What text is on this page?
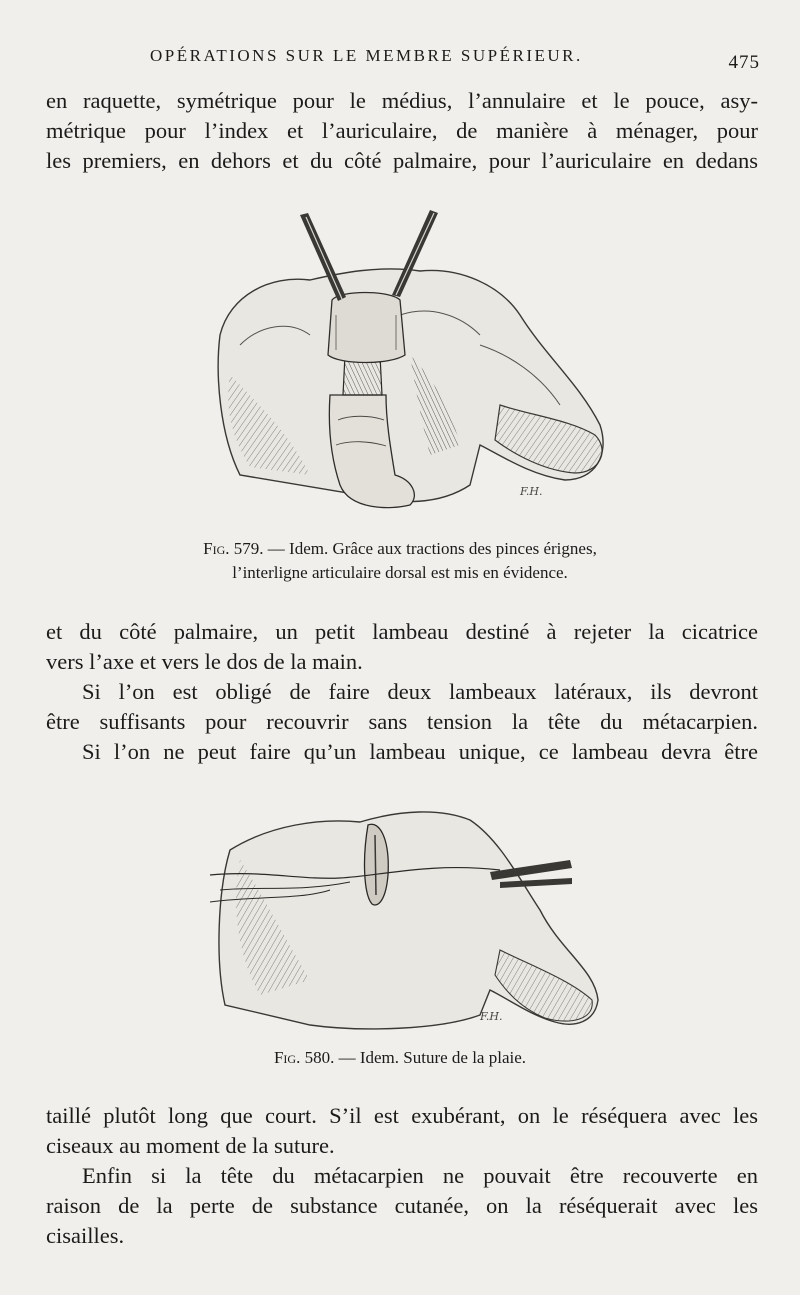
OPÉRATIONS SUR LE MEMBRE SUPÉRIEUR.	475
en raquette, symétrique pour le médius, l’annulaire et le pouce, asy-
métrique pour l’index et l’auriculaire, de manière à ménager, pour
les premiers, en dehors et du côté palmaire, pour l’auriculaire en dedans
F.H.
Fig. 579. — Idem. Grâce aux tractions des pinces érignes,
l’interligne articulaire dorsal est mis en évidence.
et du côté palmaire, un petit lambeau destiné à rejeter la cicatrice
vers l’axe et vers le dos de la main.
Si l’on est obligé de faire deux lambeaux latéraux, ils devront
être suffisants pour recouvrir sans tension la tête du métacarpien.
Si l’on ne peut faire qu’un lambeau unique, ce lambeau devra être
F.H.
Fig. 580. — Idem. Suture de la plaie.
taillé plutôt long que court. S’il est exubérant, on le réséquera avec les
ciseaux au moment de la suture.
Enfin si la tête du métacarpien ne pouvait être recouverte en
raison de la perte de substance cutanée, on la réséquerait avec les
cisailles.
